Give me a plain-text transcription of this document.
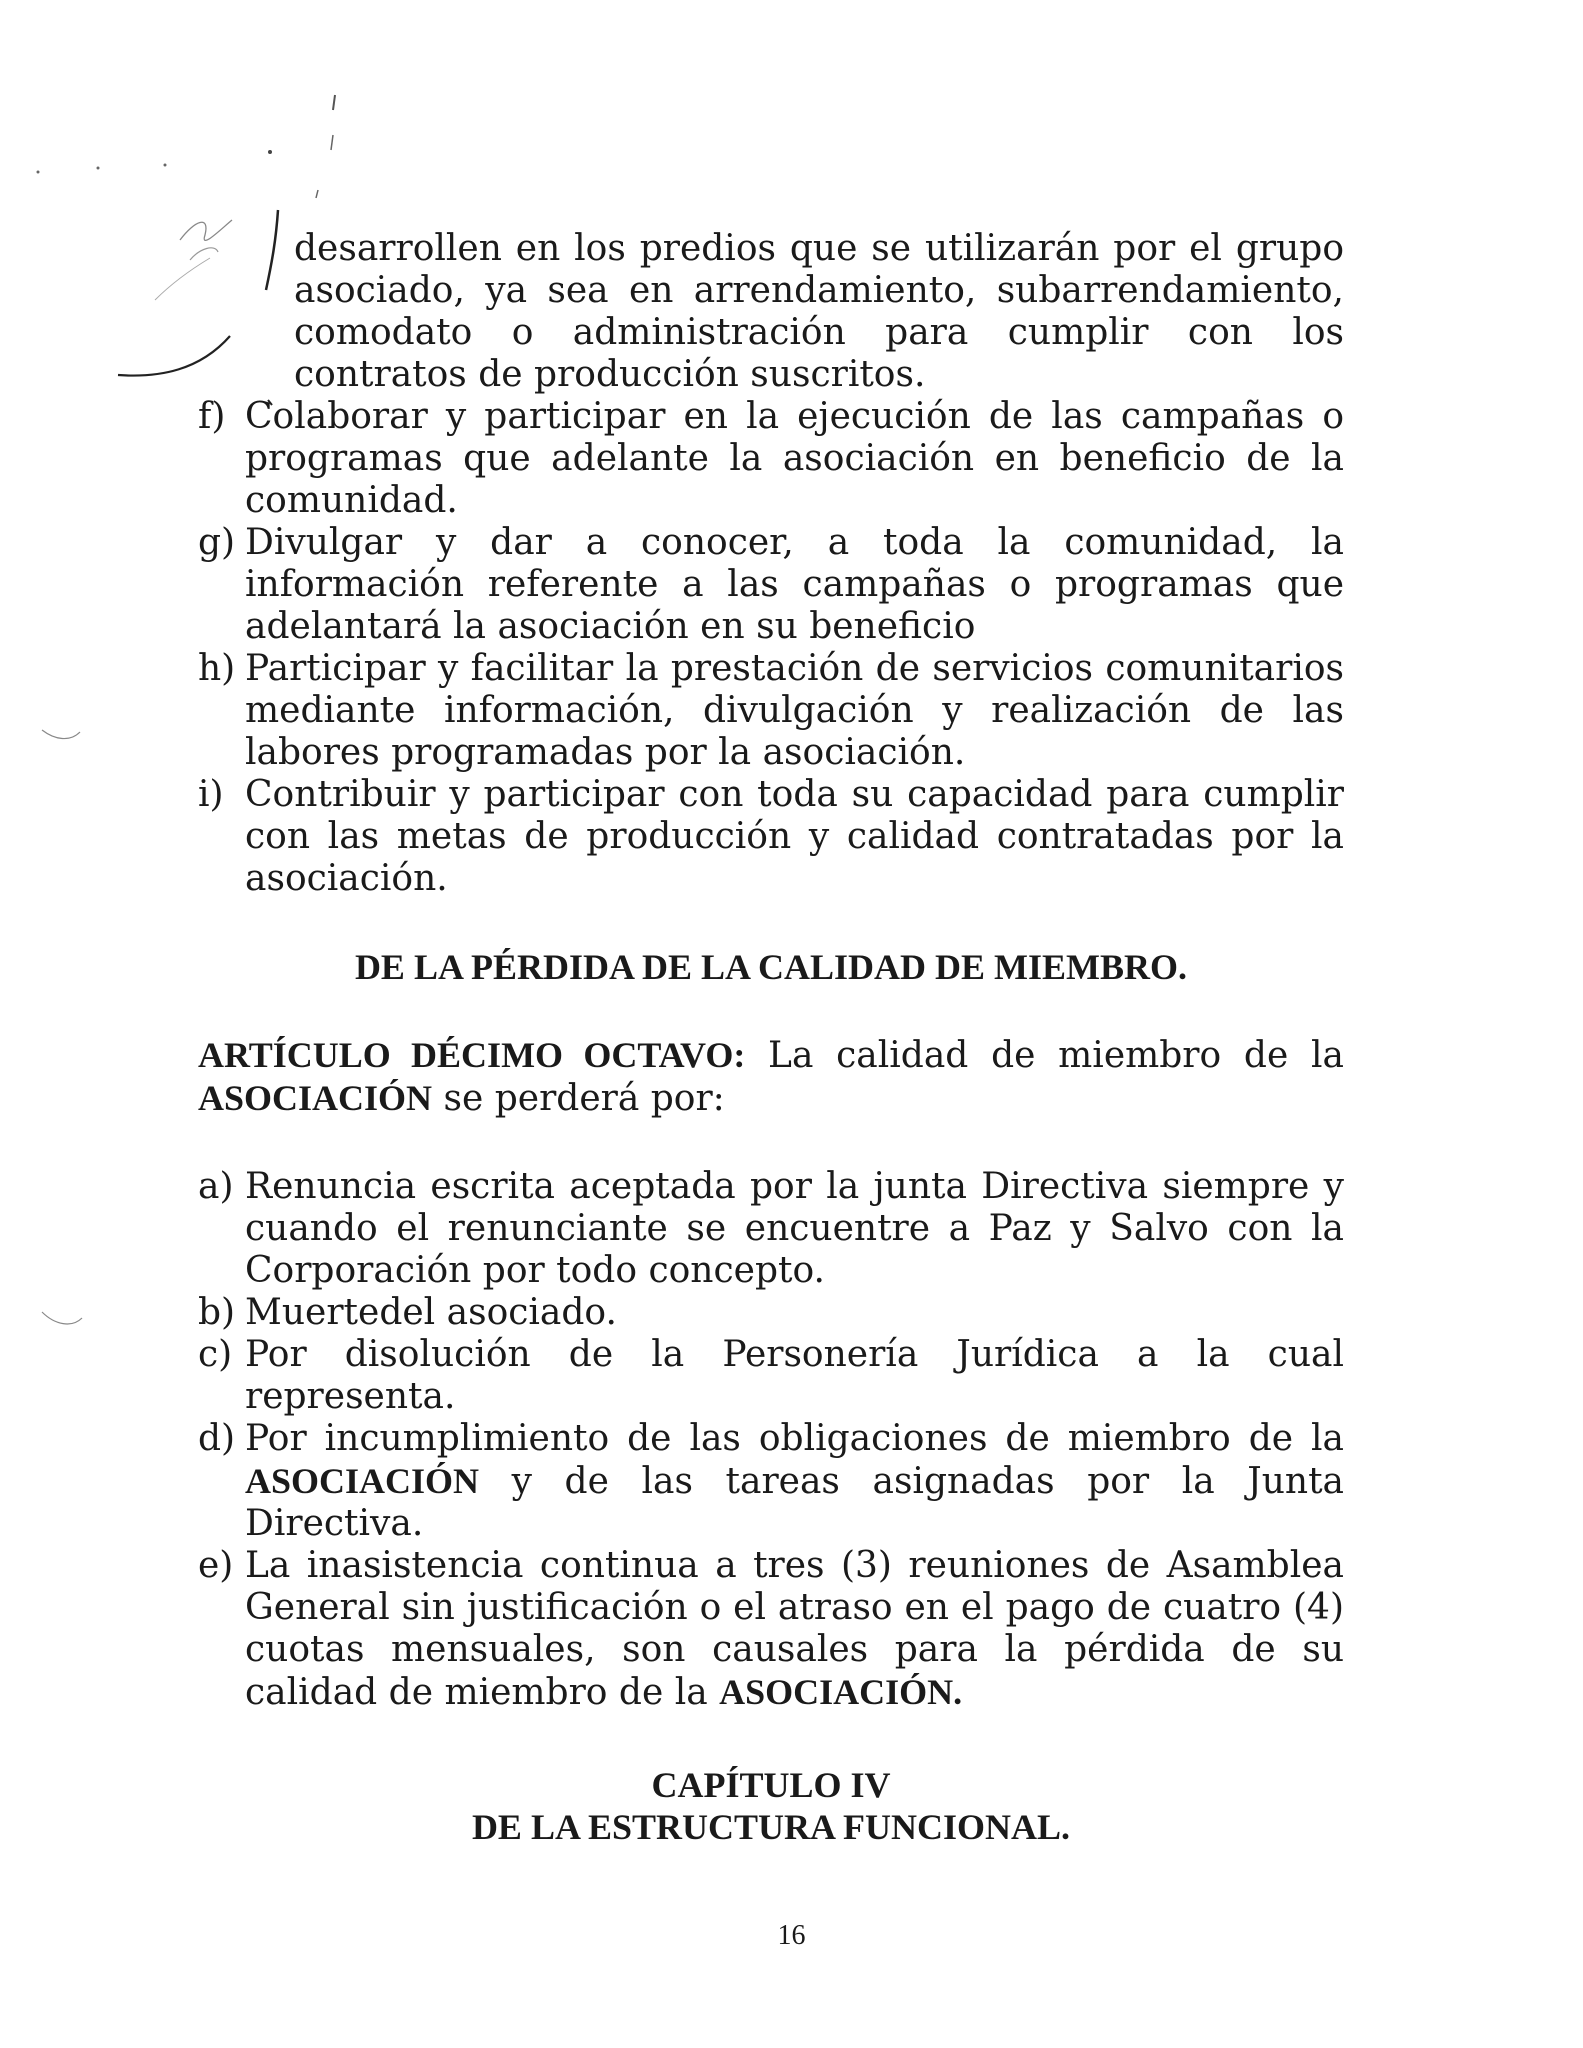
desarrollen en los predios que se utilizarán por el grupo asociado, ya sea en arrendamiento, subarrendamiento, comodato o administración para cumplir con los contratos de producción suscritos.
f) Colaborar y participar en la ejecución de las campañas o programas que adelante la asociación en beneficio de la comunidad.
g) Divulgar y dar a conocer, a toda la comunidad, la información referente a las campañas o programas que adelantará la asociación en su beneficio
h) Participar y facilitar la prestación de servicios comunitarios mediante información, divulgación y realización de las labores programadas por la asociación.
i) Contribuir y participar con toda su capacidad para cumplir con las metas de producción y calidad contratadas por la asociación.
DE LA PÉRDIDA DE LA CALIDAD DE MIEMBRO.
ARTÍCULO DÉCIMO OCTAVO: La calidad de miembro de la ASOCIACIÓN se perderá por:
a) Renuncia escrita aceptada por la junta Directiva siempre y cuando el renunciante se encuentre a Paz y Salvo con la Corporación por todo concepto.
b) Muertedel asociado.
c) Por disolución de la Personería Jurídica a la cual representa.
d) Por incumplimiento de las obligaciones de miembro de la ASOCIACIÓN y de las tareas asignadas por la Junta Directiva.
e) La inasistencia continua a tres (3) reuniones de Asamblea General sin justificación o el atraso en el pago de cuatro (4) cuotas mensuales, son causales para la pérdida de su calidad de miembro de la ASOCIACIÓN.
CAPÍTULO IV
DE LA ESTRUCTURA FUNCIONAL.
16
